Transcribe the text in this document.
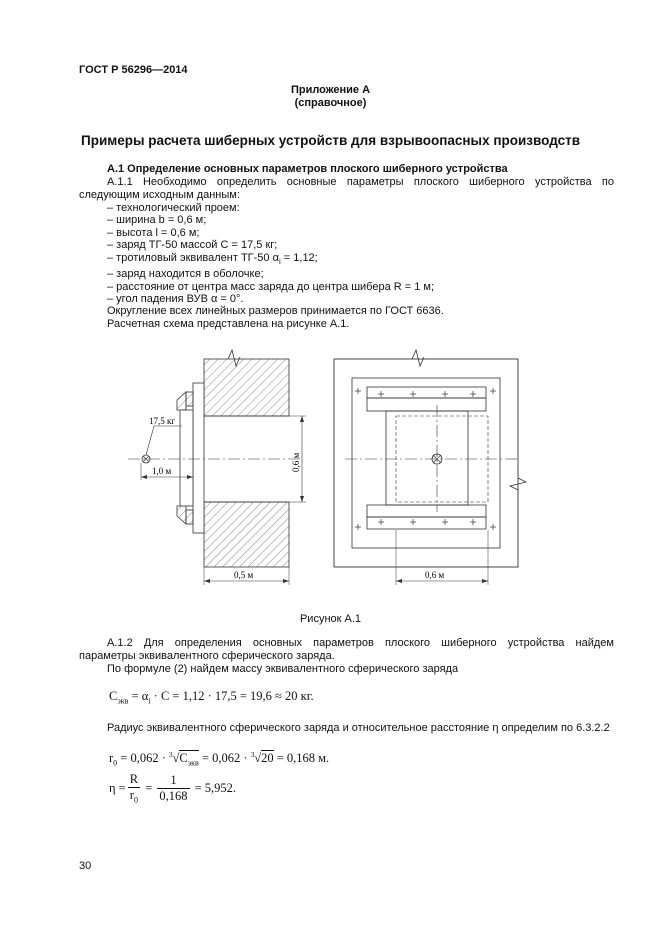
ГОСТ Р 56296—2014
Приложение А
(справочное)
Примеры расчета шиберных устройств для взрывоопасных производств
А.1 Определение основных параметров плоского шиберного устройства
А.1.1 Необходимо определить основные параметры плоского шиберного устройства по
следующим исходным данным:
– технологический проем:
– ширина b = 0,6 м;
– высота l = 0,6 м;
– заряд ТГ-50 массой C = 17,5 кг;
– тротиловый эквивалент ТГ-50 $\alpha_i = 1,12$;
– заряд находится в оболочке;
– расстояние от центра масс заряда до центра шибера R = 1 м;
– угол падения ВУВ α = 0°.
Округление всех линейных размеров принимается по ГОСТ 6636.
Расчетная схема представлена на рисунке А.1.
17,5 кг
1,0 м	0,6 м
0,5 м	0,6 м
Рисунок А.1
А.1.2 Для определения основных параметров плоского шиберного устройства найдем
параметры эквивалентного сферического заряда.
По формуле (2) найдем массу эквивалентного сферического заряда
$C_{экв} = \alpha_i \cdot C = 1,12 \cdot 17,5 = 19,6 \approx 20$ кг.
Радиус эквивалентного сферического заряда и относительное расстояние η определим по 6.3.2.2
$r_0 = 0,062 \cdot ^3√C_{экв} = 0,062 \cdot ^3√20 = 0,168$ м.
$\eta = \frac{R}{r_0} = \frac{1}{0,168} = 5,952$.
30
